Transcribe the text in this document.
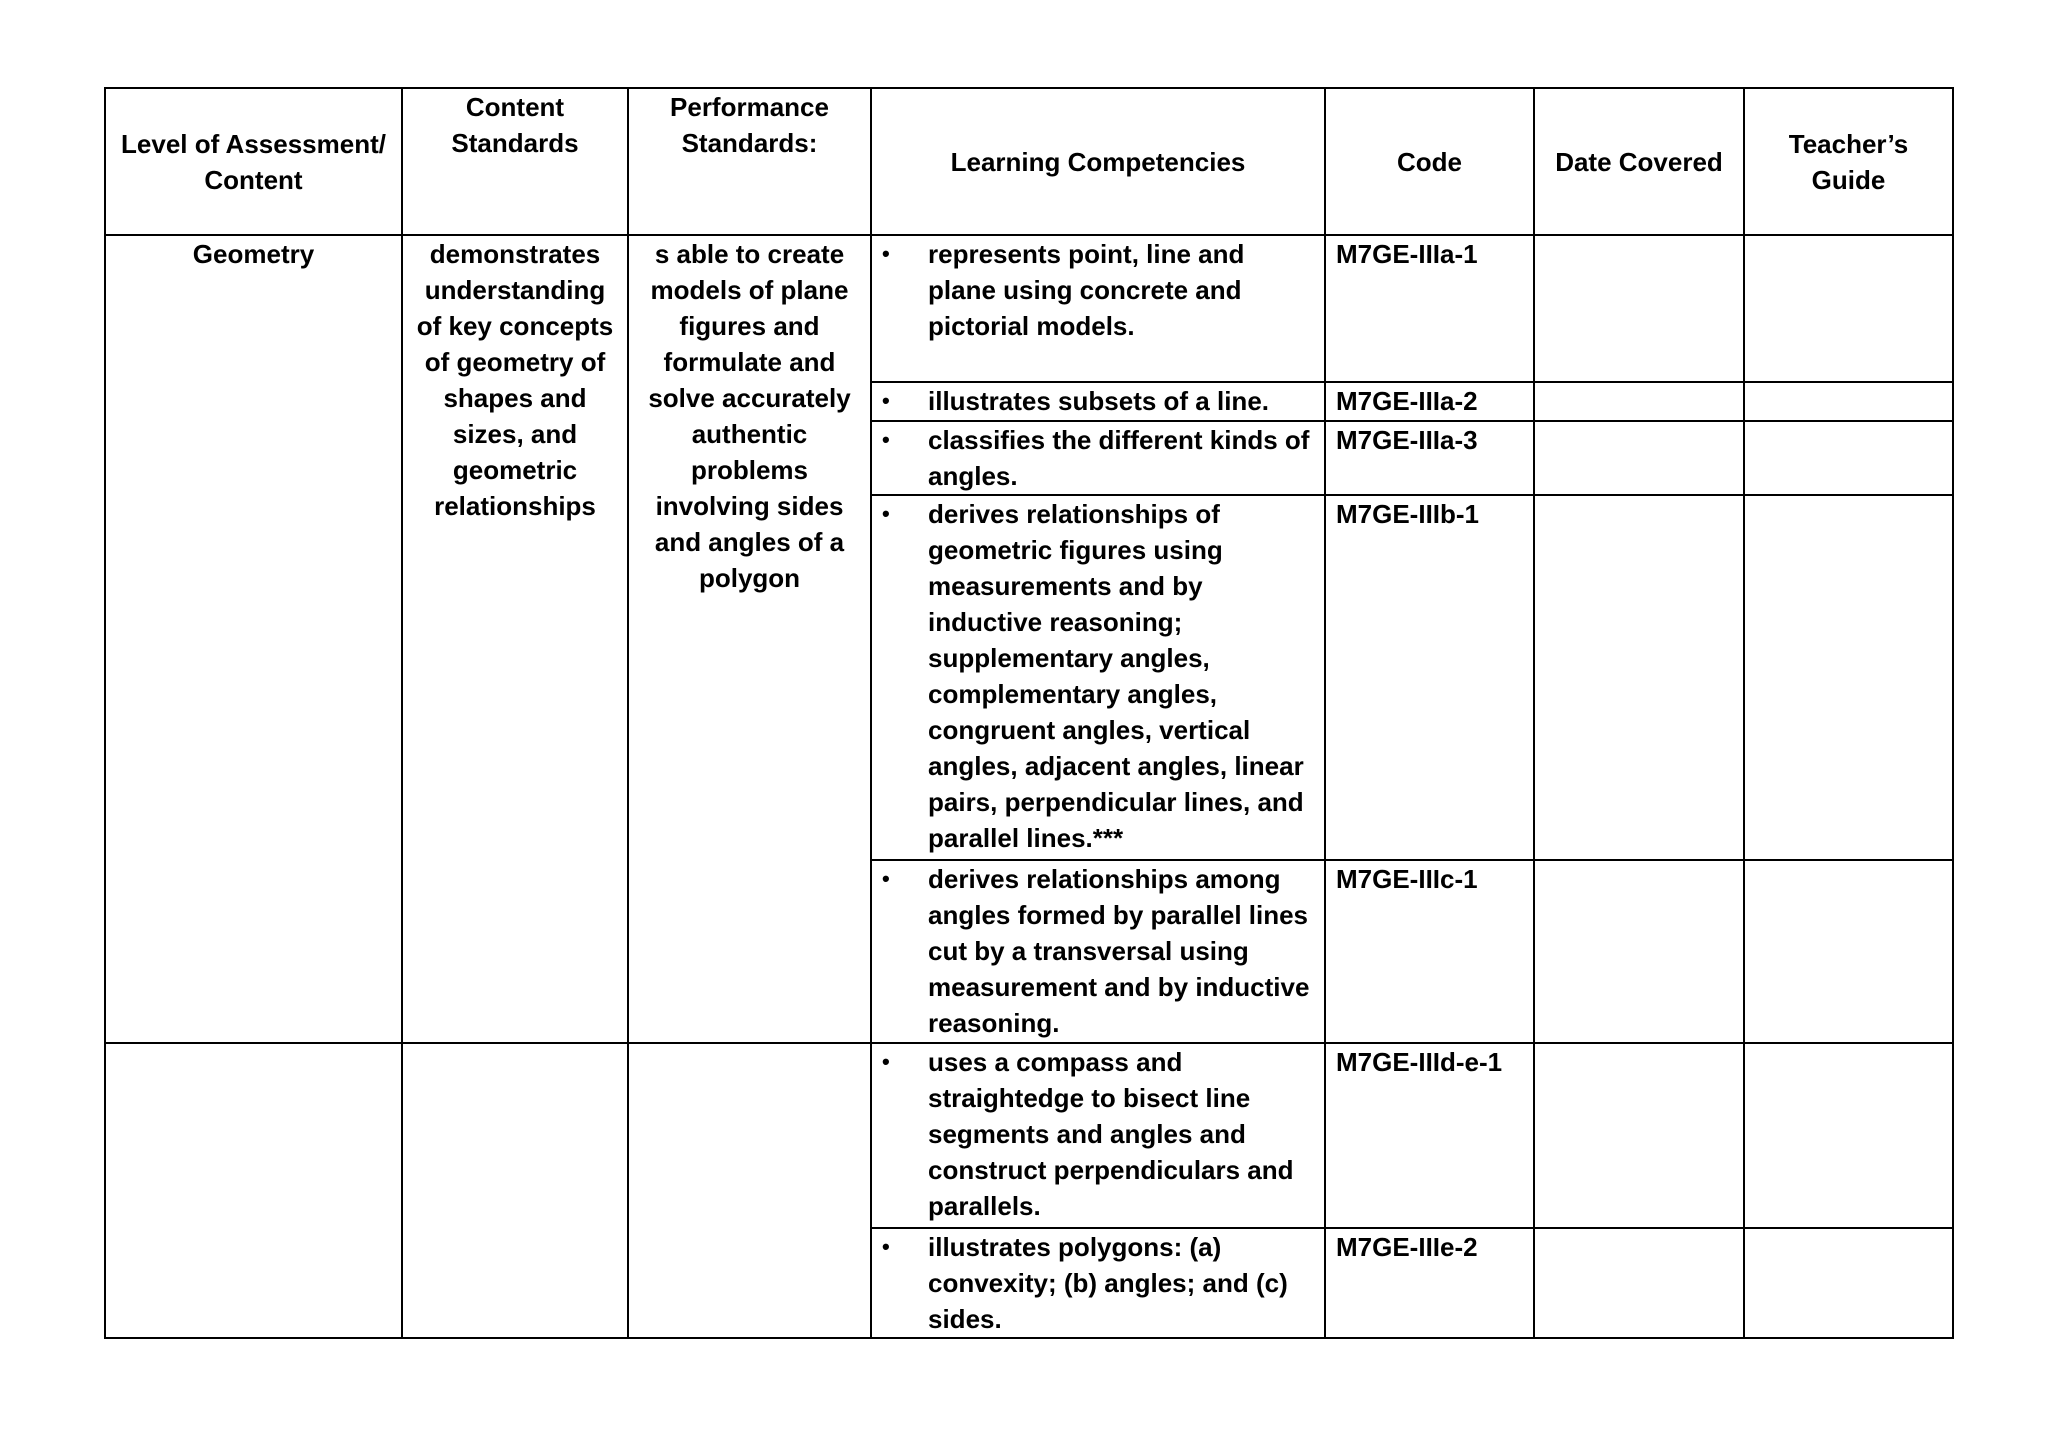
Level of Assessment/ Content	Content Standards	Performance Standards:	Learning Competencies	Code	Date Covered	Teacher’s Guide
Geometry	demonstrates understanding of key concepts of geometry of shapes and sizes, and geometric relationships	s able to create models of plane figures and formulate and solve accurately authentic problems involving sides and angles of a polygon	• represents point, line and plane using concrete and pictorial models.	M7GE-IIIa-1		

			• illustrates subsets of a line.	M7GE-IIIa-2		

			• classifies the different kinds of angles.	M7GE-IIIa-3		

			• derives relationships of geometric figures using measurements and by inductive reasoning; supplementary angles, complementary angles, congruent angles, vertical angles, adjacent angles, linear pairs, perpendicular lines, and parallel lines.***	M7GE-IIIb-1		

			• derives relationships among angles formed by parallel lines cut by a transversal using measurement and by inductive reasoning.	M7GE-IIIc-1		

			• uses a compass and straightedge to bisect line segments and angles and construct perpendiculars and parallels.	M7GE-IIId-e-1		

			• illustrates polygons: (a) convexity; (b) angles; and (c) sides.	M7GE-IIIe-2		
